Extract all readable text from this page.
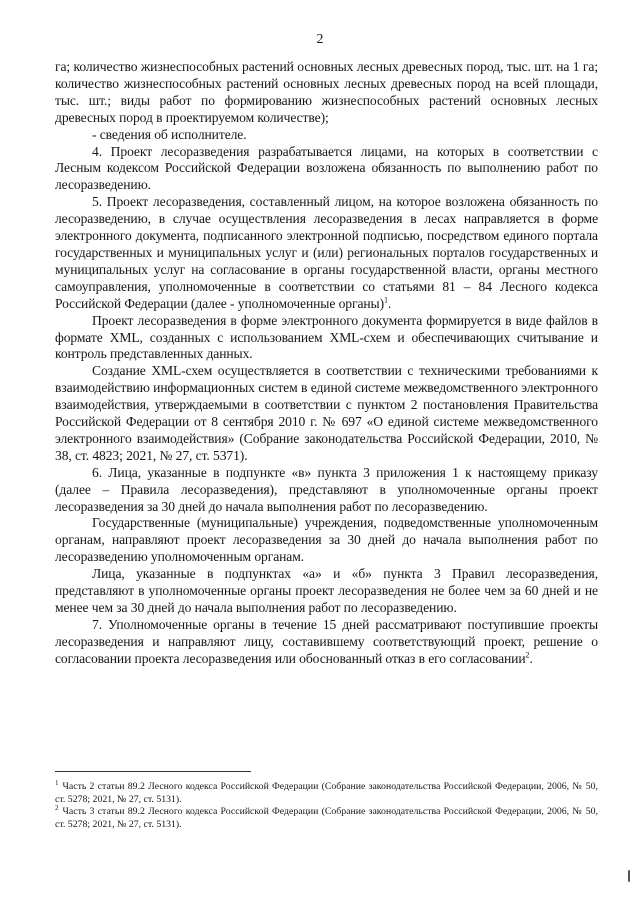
2

га; количество жизнеспособных растений основных лесных древесных пород, тыс. шт. на 1 га; количество жизнеспособных растений основных лесных древесных пород на всей площади, тыс. шт.; виды работ по формированию жизнеспособных растений основных лесных древесных пород в проектируемом количестве);

- сведения об исполнителе.

4. Проект лесоразведения разрабатывается лицами, на которых в соответствии с Лесным кодексом Российской Федерации возложена обязанность по выполнению работ по лесоразведению.

5. Проект лесоразведения, составленный лицом, на которое возложена обязанность по лесоразведению, в случае осуществления лесоразведения в лесах направляется в форме электронного документа, подписанного электронной подписью, посредством единого портала государственных и муниципальных услуг и (или) региональных порталов государственных и муниципальных услуг на согласование в органы государственной власти, органы местного самоуправления, уполномоченные в соответствии со статьями 81 – 84 Лесного кодекса Российской Федерации (далее - уполномоченные органы)$^1$.

Проект лесоразведения в форме электронного документа формируется в виде файлов в формате XML, созданных с использованием XML-схем и обеспечивающих считывание и контроль представленных данных.

Создание XML-схем осуществляется в соответствии с техническими требованиями к взаимодействию информационных систем в единой системе межведомственного электронного взаимодействия, утверждаемыми в соответствии с пунктом 2 постановления Правительства Российской Федерации от 8 сентября 2010 г. № 697 «О единой системе межведомственного электронного взаимодействия» (Собрание законодательства Российской Федерации, 2010, № 38, ст. 4823; 2021, № 27, ст. 5371).

6. Лица, указанные в подпункте «в» пункта 3 приложения 1 к настоящему приказу (далее – Правила лесоразведения), представляют в уполномоченные органы проект лесоразведения за 30 дней до начала выполнения работ по лесоразведению.

Государственные (муниципальные) учреждения, подведомственные уполномоченным органам, направляют проект лесоразведения за 30 дней до начала выполнения работ по лесоразведению уполномоченным органам.

Лица, указанные в подпунктах «а» и «б» пункта 3 Правил лесоразведения, представляют в уполномоченные органы проект лесоразведения не более чем за 60 дней и не менее чем за 30 дней до начала выполнения работ по лесоразведению.

7. Уполномоченные органы в течение 15 дней рассматривают поступившие проекты лесоразведения и направляют лицу, составившему соответствующий проект, решение о согласовании проекта лесоразведения или обоснованный отказ в его согласовании$^2$.

$^1$ Часть 2 статьи 89.2 Лесного кодекса Российской Федерации (Собрание законодательства Российской Федерации, 2006, № 50, ст. 5278; 2021, № 27, ст. 5131).

$^2$ Часть 3 статьи 89.2 Лесного кодекса Российской Федерации (Собрание законодательства Российской Федерации, 2006, № 50, ст. 5278; 2021, № 27, ст. 5131).
